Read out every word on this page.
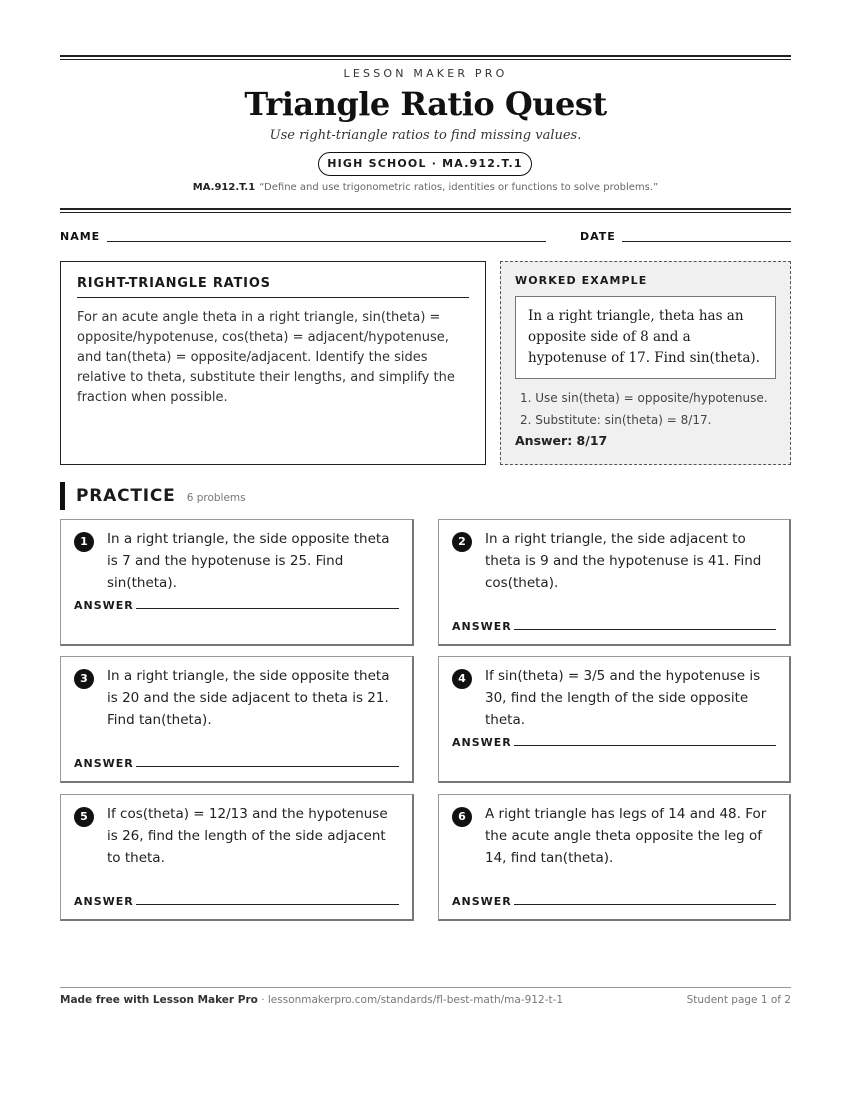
LESSON MAKER PRO
Triangle Ratio Quest
Use right-triangle ratios to find missing values.
HIGH SCHOOL · MA.912.T.1
MA.912.T.1 “Define and use trigonometric ratios, identities or functions to solve problems.”
NAME	DATE
RIGHT-TRIANGLE RATIOS
For an acute angle theta in a right triangle, sin(theta) = opposite/hypotenuse, cos(theta) = adjacent/hypotenuse, and tan(theta) = opposite/adjacent. Identify the sides relative to theta, substitute their lengths, and simplify the fraction when possible.
WORKED EXAMPLE
In a right triangle, theta has an opposite side of 8 and a hypotenuse of 17. Find sin(theta).
1. Use sin(theta) = opposite/hypotenuse.
2. Substitute: sin(theta) = 8/17.
Answer: 8/17
PRACTICE 6 problems
1	In a right triangle, the side opposite theta is 7 and the hypotenuse is 25. Find sin(theta).
ANSWER
2	In a right triangle, the side adjacent to theta is 9 and the hypotenuse is 41. Find cos(theta).
ANSWER
3	In a right triangle, the side opposite theta is 20 and the side adjacent to theta is 21. Find tan(theta).
ANSWER
4	If sin(theta) = 3/5 and the hypotenuse is 30, find the length of the side opposite theta.
ANSWER
5	If cos(theta) = 12/13 and the hypotenuse is 26, find the length of the side adjacent to theta.
ANSWER
6	A right triangle has legs of 14 and 48. For the acute angle theta opposite the leg of 14, find tan(theta).
ANSWER
Made free with Lesson Maker Pro · lessonmakerpro.com/standards/fl-best-math/ma-912-t-1	Student page 1 of 2
